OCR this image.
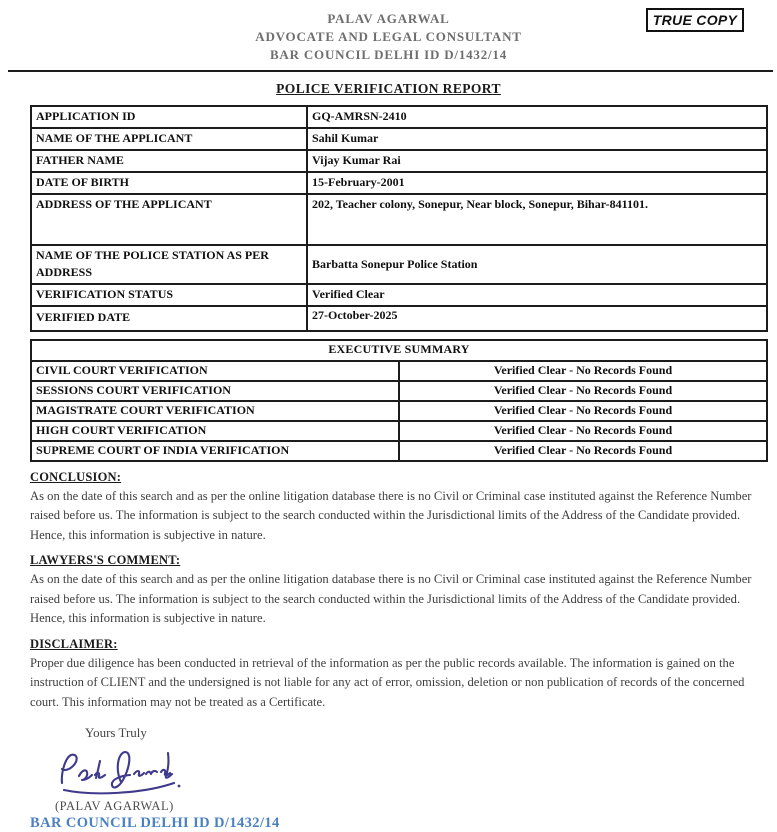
PALAV AGARWAL
ADVOCATE AND LEGAL CONSULTANT
BAR COUNCIL DELHI ID D/1432/14
TRUE COPY
POLICE VERIFICATION REPORT
APPLICATION ID	GQ-AMRSN-2410
NAME OF THE APPLICANT	Sahil Kumar
FATHER NAME	Vijay Kumar Rai
DATE OF BIRTH	15-February-2001
ADDRESS OF THE APPLICANT	202, Teacher colony, Sonepur, Near block, Sonepur, Bihar-841101.
NAME OF THE POLICE STATION AS PER ADDRESS	Barbatta Sonepur Police Station
VERIFICATION STATUS	Verified Clear
VERIFIED DATE	27-October-2025
EXECUTIVE SUMMARY	
CIVIL COURT VERIFICATION	Verified Clear - No Records Found
SESSIONS COURT VERIFICATION	Verified Clear - No Records Found
MAGISTRATE COURT VERIFICATION	Verified Clear - No Records Found
HIGH COURT VERIFICATION	Verified Clear - No Records Found
SUPREME COURT OF INDIA VERIFICATION	Verified Clear - No Records Found
CONCLUSION:
As on the date of this search and as per the online litigation database there is no Civil or Criminal case instituted against the Reference Number raised before us. The information is subject to the search conducted within the Jurisdictional limits of the Address of the Candidate provided. Hence, this information is subjective in nature.
LAWYERS'S COMMENT:
As on the date of this search and as per the online litigation database there is no Civil or Criminal case instituted against the Reference Number raised before us. The information is subject to the search conducted within the Jurisdictional limits of the Address of the Candidate provided. Hence, this information is subjective in nature.
DISCLAIMER:
Proper due diligence has been conducted in retrieval of the information as per the public records available. The information is gained on the instruction of CLIENT and the undersigned is not liable for any act of error, omission, deletion or non publication of records of the concerned court. This information may not be treated as a Certificate.
Yours Truly
(PALAV AGARWAL)
BAR COUNCIL DELHI ID D/1432/14
